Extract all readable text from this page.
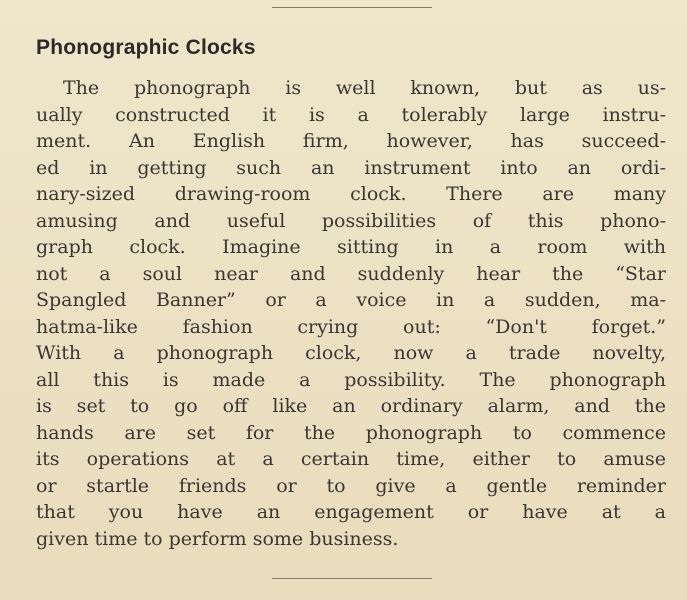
Phonographic Clocks
The phonograph is well known, but as us-
ually constructed it is a tolerably large instru-
ment. An English firm, however, has succeed-
ed in getting such an instrument into an ordi-
nary-sized drawing-room clock. There are many
amusing and useful possibilities of this phono-
graph clock. Imagine sitting in a room with
not a soul near and suddenly hear the “Star
Spangled Banner” or a voice in a sudden, ma-
hatma-like fashion crying out: “Don't forget.”
With a phonograph clock, now a trade novelty,
all this is made a possibility. The phonograph
is set to go off like an ordinary alarm, and the
hands are set for the phonograph to commence
its operations at a certain time, either to amuse
or startle friends or to give a gentle reminder
that you have an engagement or have at a
given time to perform some business.
